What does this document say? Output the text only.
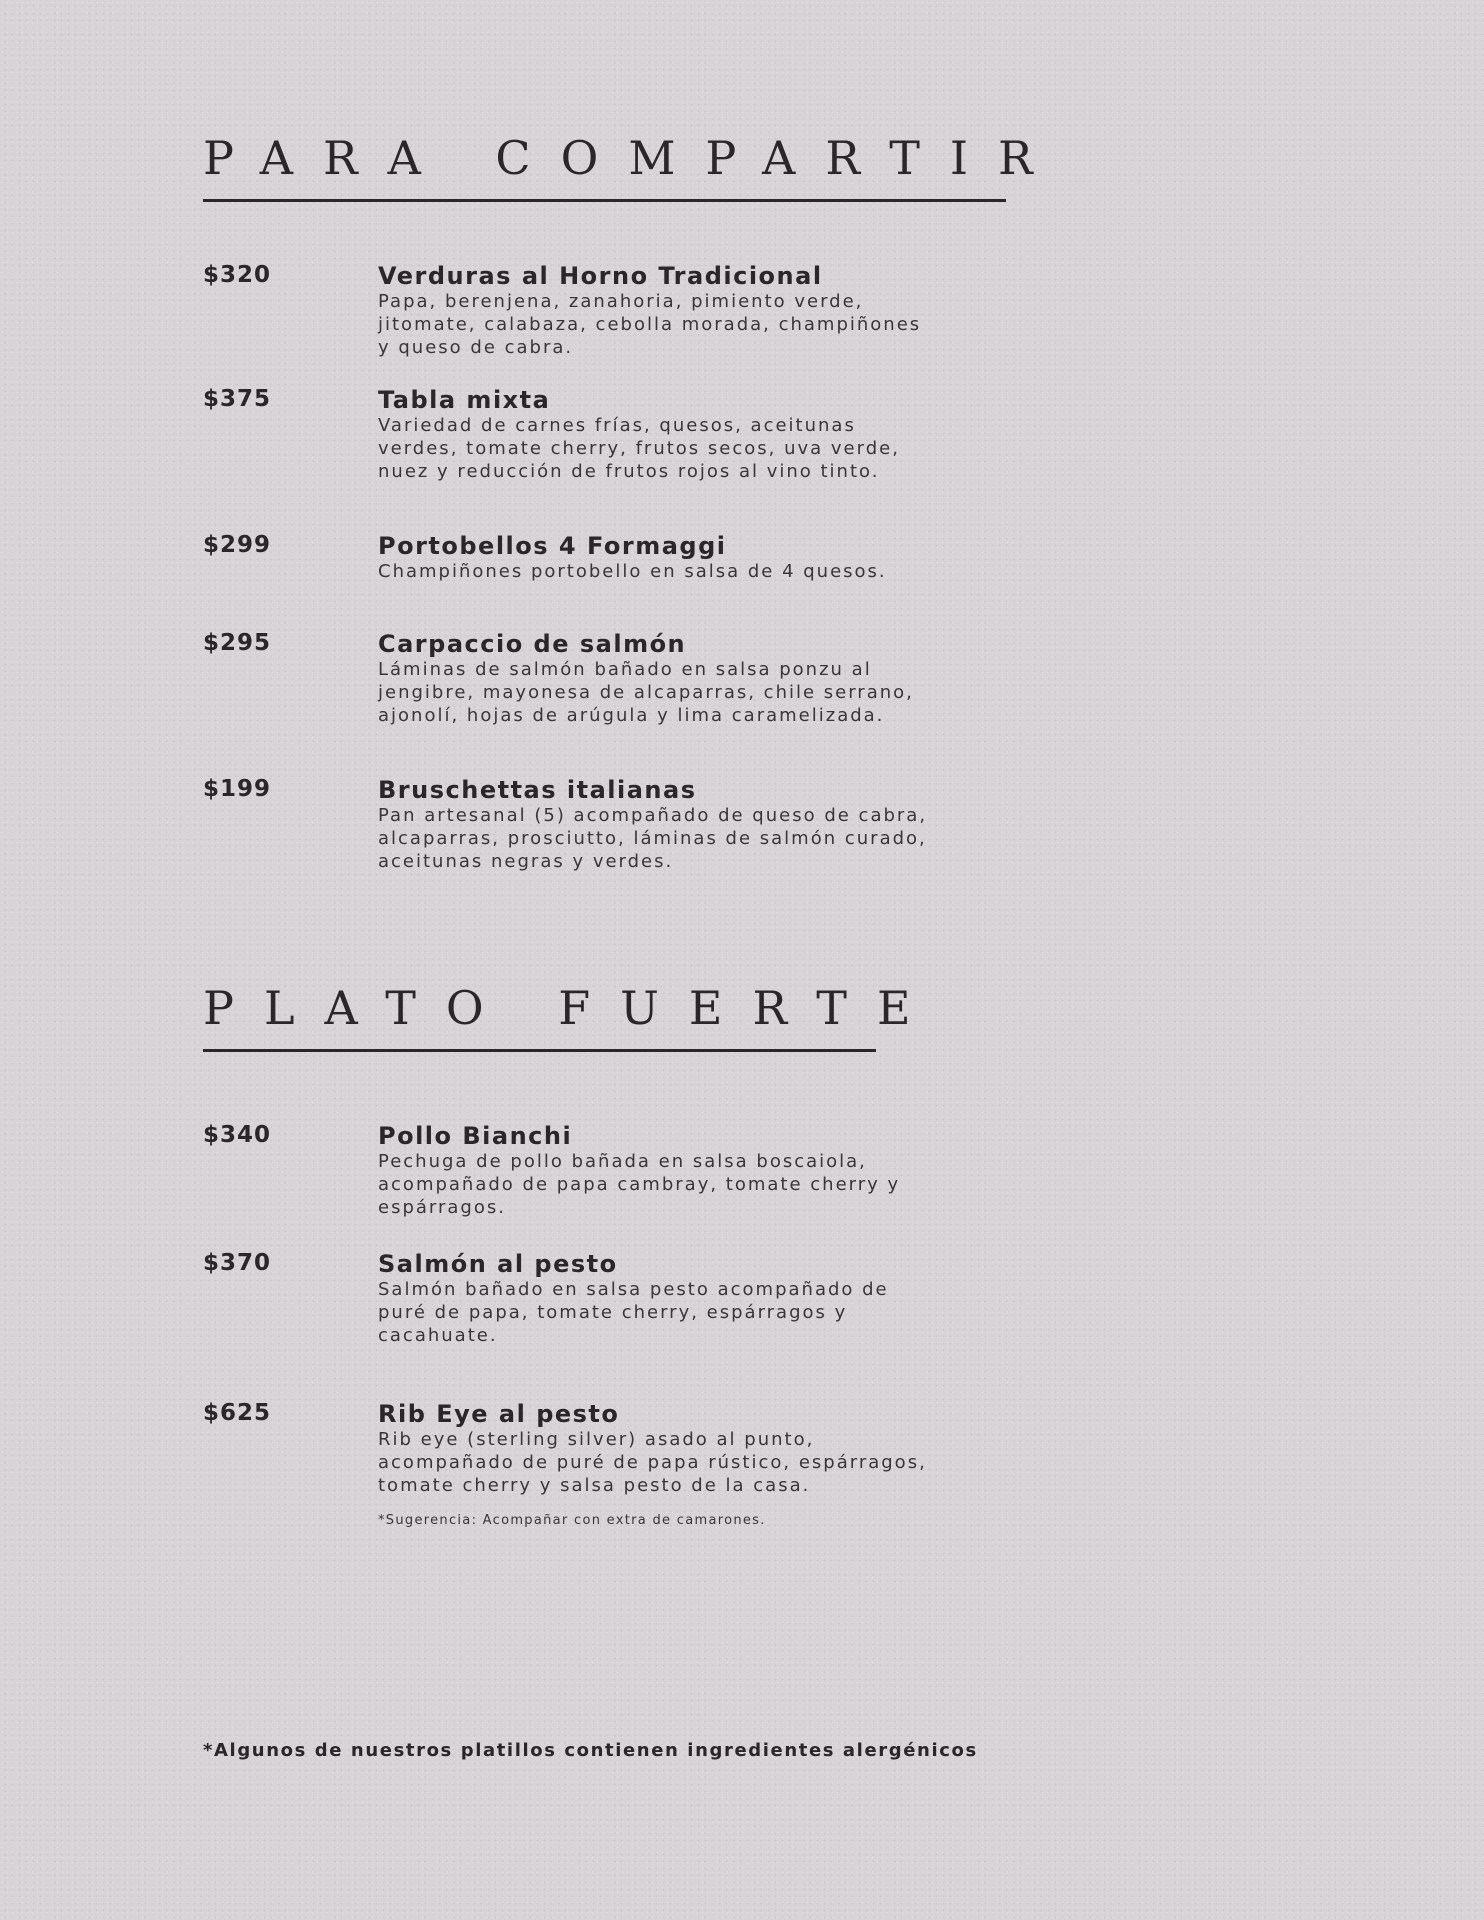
PARA COMPARTIR
$320	Verduras al Horno Tradicional
Papa, berenjena, zanahoria, pimiento verde, jitomate, calabaza, cebolla morada, champiñones y queso de cabra.
$375	Tabla mixta
Variedad de carnes frías, quesos, aceitunas verdes, tomate cherry, frutos secos, uva verde, nuez y reducción de frutos rojos al vino tinto.
$299	Portobellos 4 Formaggi
Champiñones portobello en salsa de 4 quesos.
$295	Carpaccio de salmón
Láminas de salmón bañado en salsa ponzu al jengibre, mayonesa de alcaparras, chile serrano, ajonolí, hojas de arúgula y lima caramelizada.
$199	Bruschettas italianas
Pan artesanal (5) acompañado de queso de cabra, alcaparras, prosciutto, láminas de salmón curado, aceitunas negras y verdes.
PLATO FUERTE
$340	Pollo Bianchi
Pechuga de pollo bañada en salsa boscaiola, acompañado de papa cambray, tomate cherry y espárragos.
$370	Salmón al pesto
Salmón bañado en salsa pesto acompañado de puré de papa, tomate cherry, espárragos y cacahuate.
$625	Rib Eye al pesto
Rib eye (sterling silver) asado al punto, acompañado de puré de papa rústico, espárragos, tomate cherry y salsa pesto de la casa.
*Sugerencia: Acompañar con extra de camarones.
*Algunos de nuestros platillos contienen ingredientes alergénicos
